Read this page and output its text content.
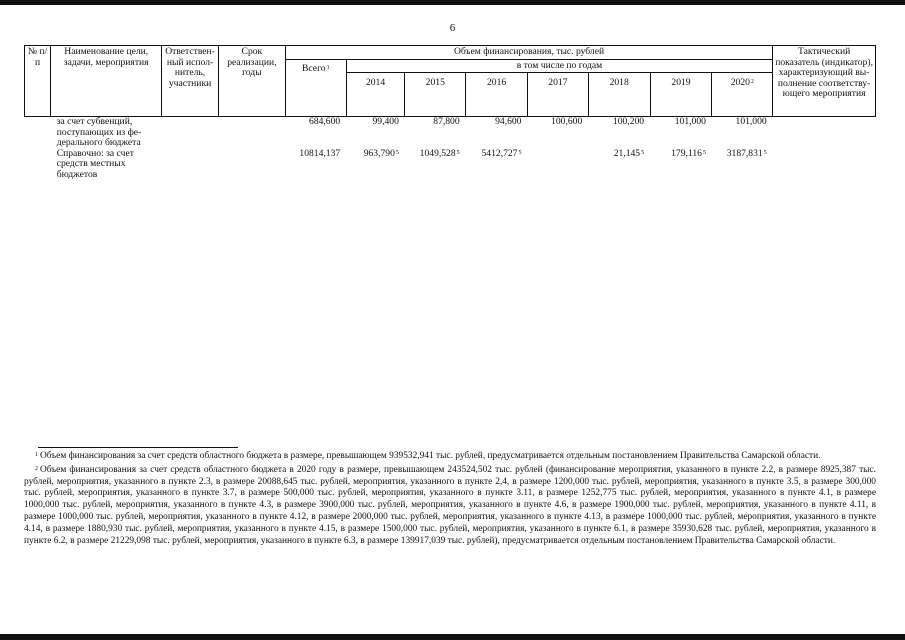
6
№ п/п	Наименование цели, задачи, мероприятия	Ответствен-ный испол-нитель, участники	Срок реализации, годы	Объем финансирования, тыс. рублей								Тактический показатель (индикатор), характеризующий вы-полнение соответству-ющего мероприятия
				Всего$^1$	в том числе по годам							
					2014	2015	2016	2017	2018	2019	2020$^2$
	за счет субвенций, поступающих из фе-дерального бюджета			684,600	99,400	87,800	94,600	100,600	100,200	101,000	101,000	
	Справочно: за счет средств местных бюджетов			10814,137	963,790$^5$	1049,528$^5$	5412,727$^5$		21,145$^5$	179,116$^5$	3187,831$^5$	

$^1$ Объем финансирования за счет средств областного бюджета в размере, превышающем 939532,941 тыс. рублей, предусматривается отдельным постановлением Правительства Самарской области.

$^2$ Объем финансирования за счет средств областного бюджета в 2020 году в размере, превышающем 243524,502 тыс. рублей (финансирование мероприятия, указанного в пункте 2.2, в размере 8925,387 тыс. рублей, мероприятия, указанного в пункте 2.3, в размере 20088,645 тыс. рублей, мероприятия, указанного в пункте 2,4, в размере 1200,000 тыс. рублей, мероприятия, указанного в пункте 3.5, в размере 300,000 тыс. рублей, мероприятия, указанного в пункте 3.7, в размере 500,000 тыс. рублей, мероприятия, указанного в пункте 3.11, в размере 1252,775 тыс. рублей, мероприятия, указанного в пункте 4.1, в размере 1000,000 тыс. рублей, мероприятия, указанного в пункте 4.3, в размере 3900,000 тыс. рублей, мероприятия, указанного в пункте 4.6, в размере 1900,000 тыс. рублей, мероприятия, указанного в пункте 4.11, в размере 1000,000 тыс. рублей, мероприятия, указанного в пункте 4.12, в размере 2000,000 тыс. рублей, мероприятия, указанного в пункте 4.13, в размере 1000,000 тыс. рублей, мероприятия, указанного в пункте 4.14, в размере 1880,930 тыс. рублей, мероприятия, указанного в пункте 4.15, в размере 1500,000 тыс. рублей, мероприятия, указанного в пункте 6.1, в размере 35930,628 тыс. рублей, мероприятия, указанного в пункте 6.2, в размере 21229,098 тыс. рублей, мероприятия, указанного в пункте 6.3, в размере 139917,039 тыс. рублей), предусматривается отдельным постановлением Правительства Самарской области.
